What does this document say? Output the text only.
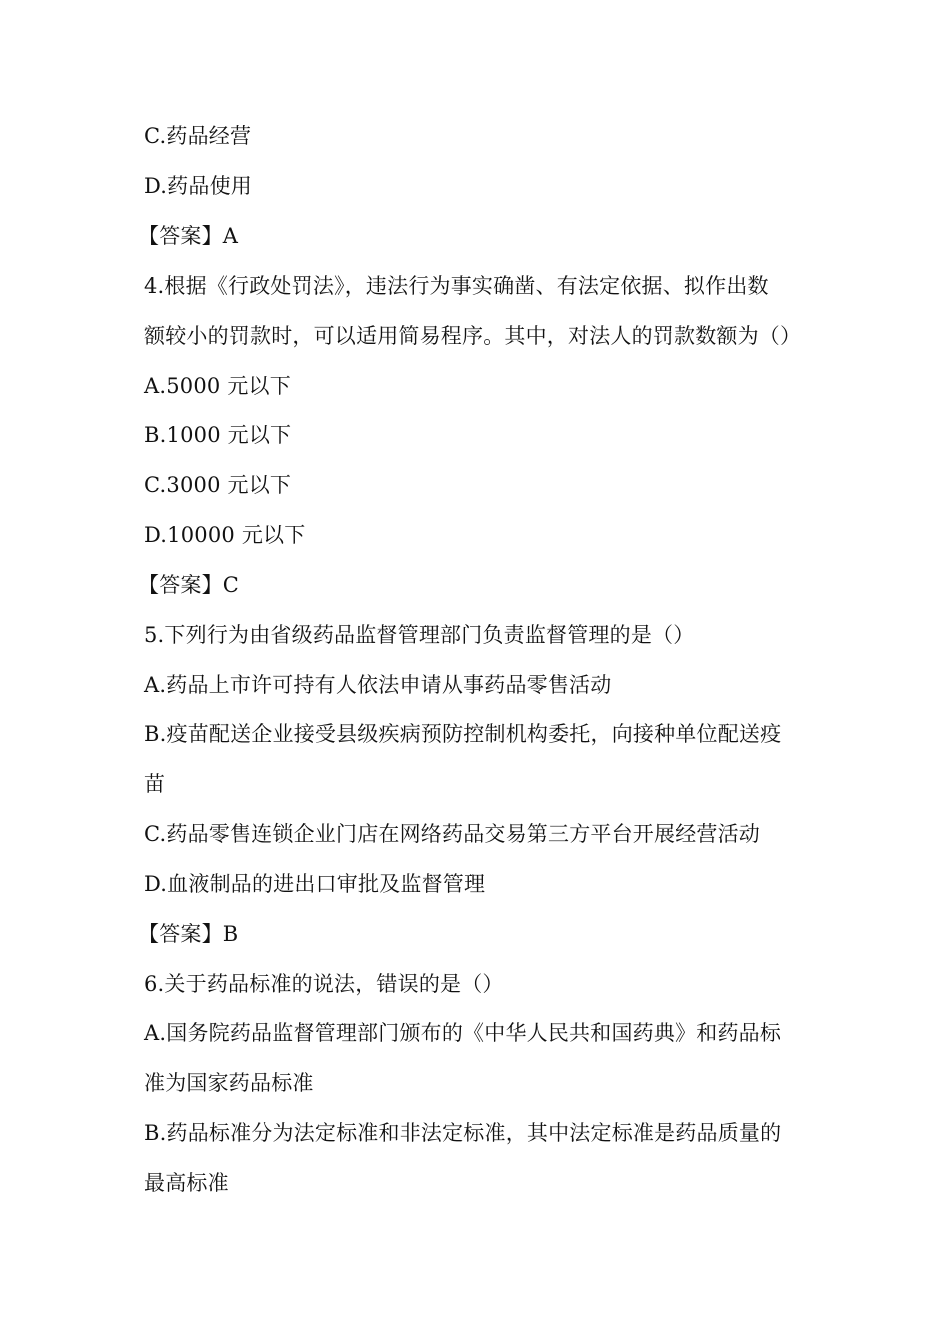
C.药品经营
D.药品使用
【答案】A
4.根据《行政处罚法》，违法行为事实确凿、有法定依据、拟作出数
额较小的罚款时，可以适用简易程序。其中，对法人的罚款数额为（）
A.5000 元以下
B.1000 元以下
C.3000 元以下
D.10000 元以下
【答案】C
5.下列行为由省级药品监督管理部门负责监督管理的是（）
A.药品上市许可持有人依法申请从事药品零售活动
B.疫苗配送企业接受县级疾病预防控制机构委托，向接种单位配送疫
苗
C.药品零售连锁企业门店在网络药品交易第三方平台开展经营活动
D.血液制品的进出口审批及监督管理
【答案】B
6.关于药品标准的说法，错误的是（）
A.国务院药品监督管理部门颁布的《中华人民共和国药典》和药品标
准为国家药品标准
B.药品标准分为法定标准和非法定标准，其中法定标准是药品质量的
最高标准
